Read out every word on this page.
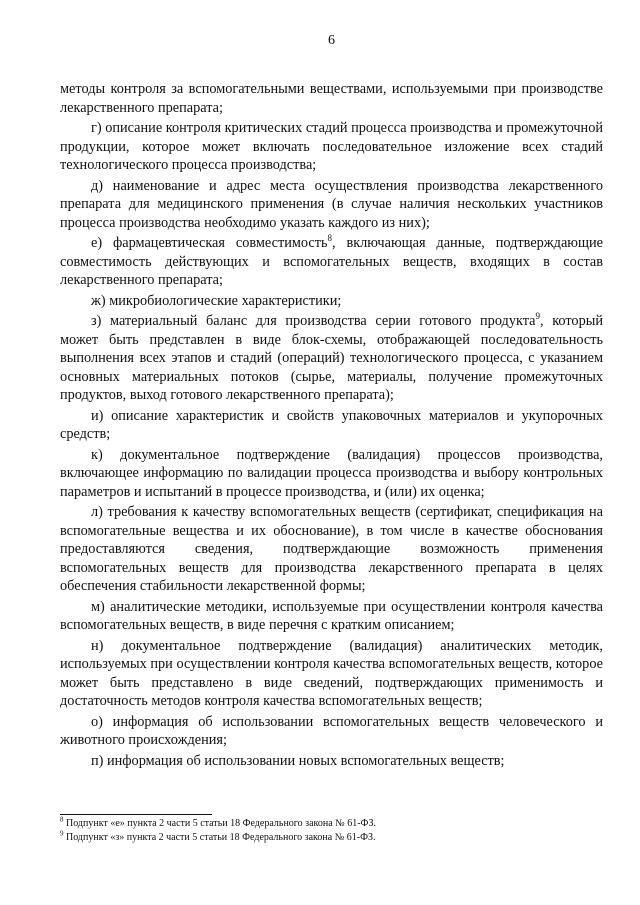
6

методы контроля за вспомогательными веществами, используемыми при производстве лекарственного препарата;

г) описание контроля критических стадий процесса производства и промежуточной продукции, которое может включать последовательное изложение всех стадий технологического процесса производства;

д) наименование и адрес места осуществления производства лекарственного препарата для медицинского применения (в случае наличия нескольких участников процесса производства необходимо указать каждого из них);

е) фармацевтическая совместимость$^8$, включающая данные, подтверждающие совместимость действующих и вспомогательных веществ, входящих в состав лекарственного препарата;

ж) микробиологические характеристики;

з) материальный баланс для производства серии готового продукта$^9$, который может быть представлен в виде блок-схемы, отображающей последовательность выполнения всех этапов и стадий (операций) технологического процесса, с указанием основных материальных потоков (сырье, материалы, получение промежуточных продуктов, выход готового лекарственного препарата);

и) описание характеристик и свойств упаковочных материалов и укупорочных средств;

к) документальное подтверждение (валидация) процессов производства, включающее информацию по валидации процесса производства и выбору контрольных параметров и испытаний в процессе производства, и (или) их оценка;

л) требования к качеству вспомогательных веществ (сертификат, спецификация на вспомогательные вещества и их обоснование), в том числе в качестве обоснования предоставляются сведения, подтверждающие возможность применения вспомогательных веществ для производства лекарственного препарата в целях обеспечения стабильности лекарственной формы;

м) аналитические методики, используемые при осуществлении контроля качества вспомогательных веществ, в виде перечня с кратким описанием;

н) документальное подтверждение (валидация) аналитических методик, используемых при осуществлении контроля качества вспомогательных веществ, которое может быть представлено в виде сведений, подтверждающих применимость и достаточность методов контроля качества вспомогательных веществ;

о) информация об использовании вспомогательных веществ человеческого и животного происхождения;

п) информация об использовании новых вспомогательных веществ;

$^8$ Подпункт «е» пункта 2 части 5 статьи 18 Федерального закона № 61-ФЗ.
$^9$ Подпункт «з» пункта 2 части 5 статьи 18 Федерального закона № 61-ФЗ.
